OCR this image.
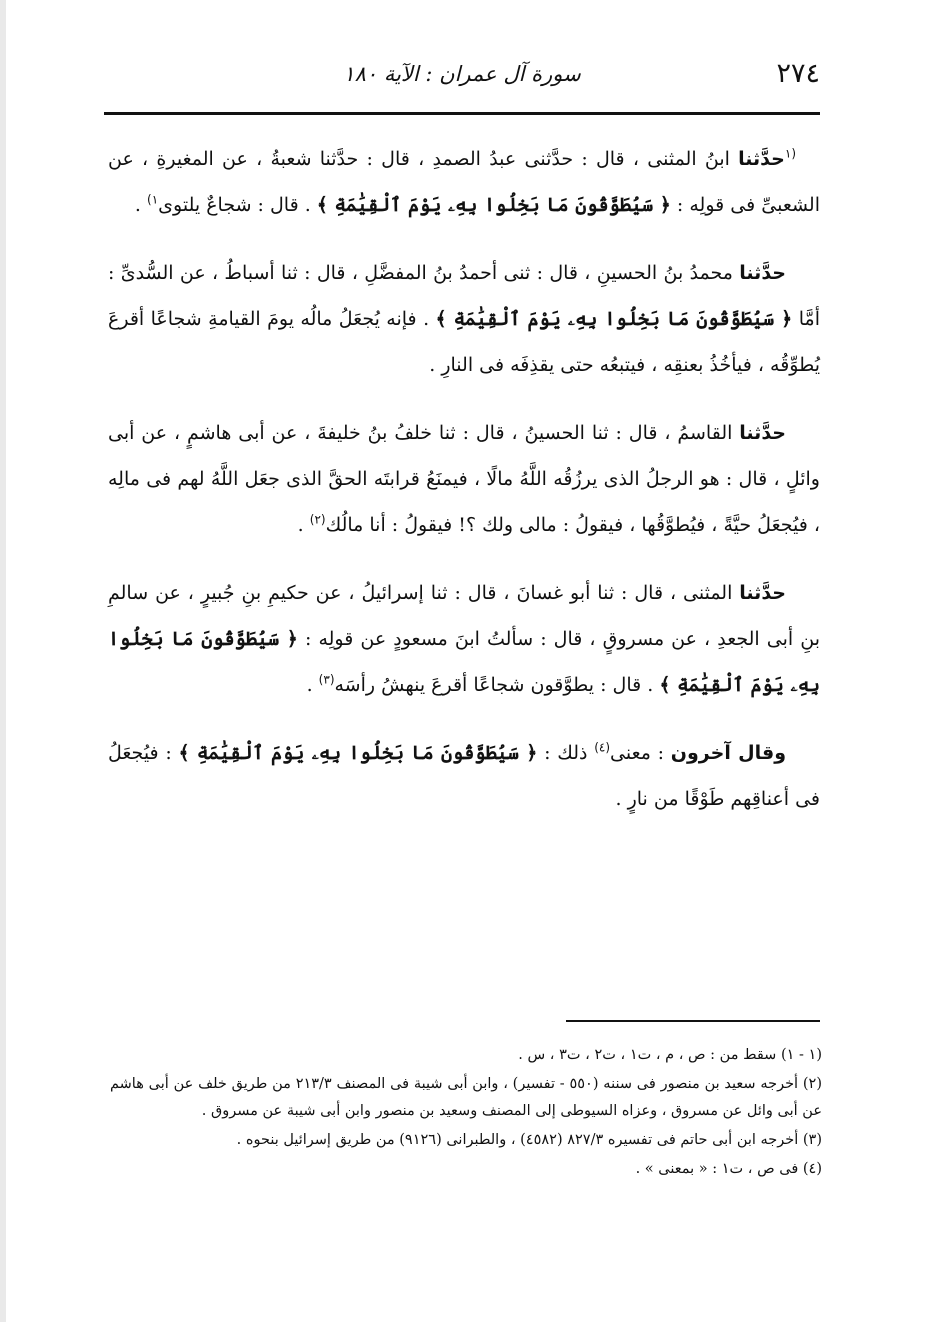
٢٧٤
سورة آل عمران : الآية ١٨٠

$^{(١}$حدَّثنا ابنُ المثنى ، قال : حدَّثنى عبدُ الصمدِ ، قال : حدَّثنا شعبةُ ، عن المغيرةِ ، عن الشعبىِّ فى قولِه : ﴿ سَيُطَوَّقُونَ مَا بَخِلُوا بِهِۦ يَوْمَ ٱلْقِيَٰمَةِ ﴾ . قال : شجاعٌ يلتوى$^{١)}$ .

حدَّثنا محمدُ بنُ الحسينِ ، قال : ثنى أحمدُ بنُ المفضَّلِ ، قال : ثنا أسباطُ ، عن السُّدىِّ : أمَّا ﴿ سَيُطَوَّقُونَ مَا بَخِلُوا بِهِۦ يَوْمَ ٱلْقِيَٰمَةِ ﴾ . فإنه يُجعَلُ مالُه يومَ القيامةِ شجاعًا أقرعَ يُطوِّقُه ، فيأخُذُ بعنقِه ، فيتبعُه حتى يقذِفَه فى النارِ .

حدَّثنا القاسمُ ، قال : ثنا الحسينُ ، قال : ثنا خلفُ بنُ خليفةَ ، عن أبى هاشمٍ ، عن أبى وائلٍ ، قال : هو الرجلُ الذى يرزُقُه اللَّهُ مالًا ، فيمنَعُ قرابتَه الحقَّ الذى جعَل اللَّهُ لهم فى مالِه ، فيُجعَلُ حيَّةً ، فيُطوَّقُها ، فيقولُ : مالى ولك ؟! فيقولُ : أنا مالُك$^{(٢)}$ .

حدَّثنا المثنى ، قال : ثنا أبو غسانَ ، قال : ثنا إسرائيلُ ، عن حكيمِ بنِ جُبيرٍ ، عن سالمِ بنِ أبى الجعدِ ، عن مسروقٍ ، قال : سألتُ ابنَ مسعودٍ عن قولِه : ﴿ سَيُطَوَّقُونَ مَا بَخِلُوا بِهِۦ يَوْمَ ٱلْقِيَٰمَةِ ﴾ . قال : يطوَّقون شجاعًا أقرعَ ينهشُ رأسَه$^{(٣)}$ .

وقال آخرون : معنى$^{(٤)}$ ذلك : ﴿ سَيُطَوَّقُونَ مَا بَخِلُوا بِهِۦ يَوْمَ ٱلْقِيَٰمَةِ ﴾ : فيُجعَلُ فى أعناقِهم طَوْقًا من نارٍ .

(١ - ١) سقط من : ص ، م ، ت١ ، ت٢ ، ت٣ ، س .

(٢) أخرجه سعيد بن منصور فى سننه (٥٥٠ - تفسير) ، وابن أبى شيبة فى المصنف ٢١٣/٣ من طريق خلف عن أبى هاشم عن أبى وائل عن مسروق ، وعزاه السيوطى إلى المصنف وسعيد بن منصور وابن أبى شيبة عن مسروق .

(٣) أخرجه ابن أبى حاتم فى تفسيره ٨٢٧/٣ (٤٥٨٢) ، والطبرانى (٩١٢٦) من طريق إسرائيل بنحوه .

(٤) فى ص ، ت١ : « بمعنى » .
